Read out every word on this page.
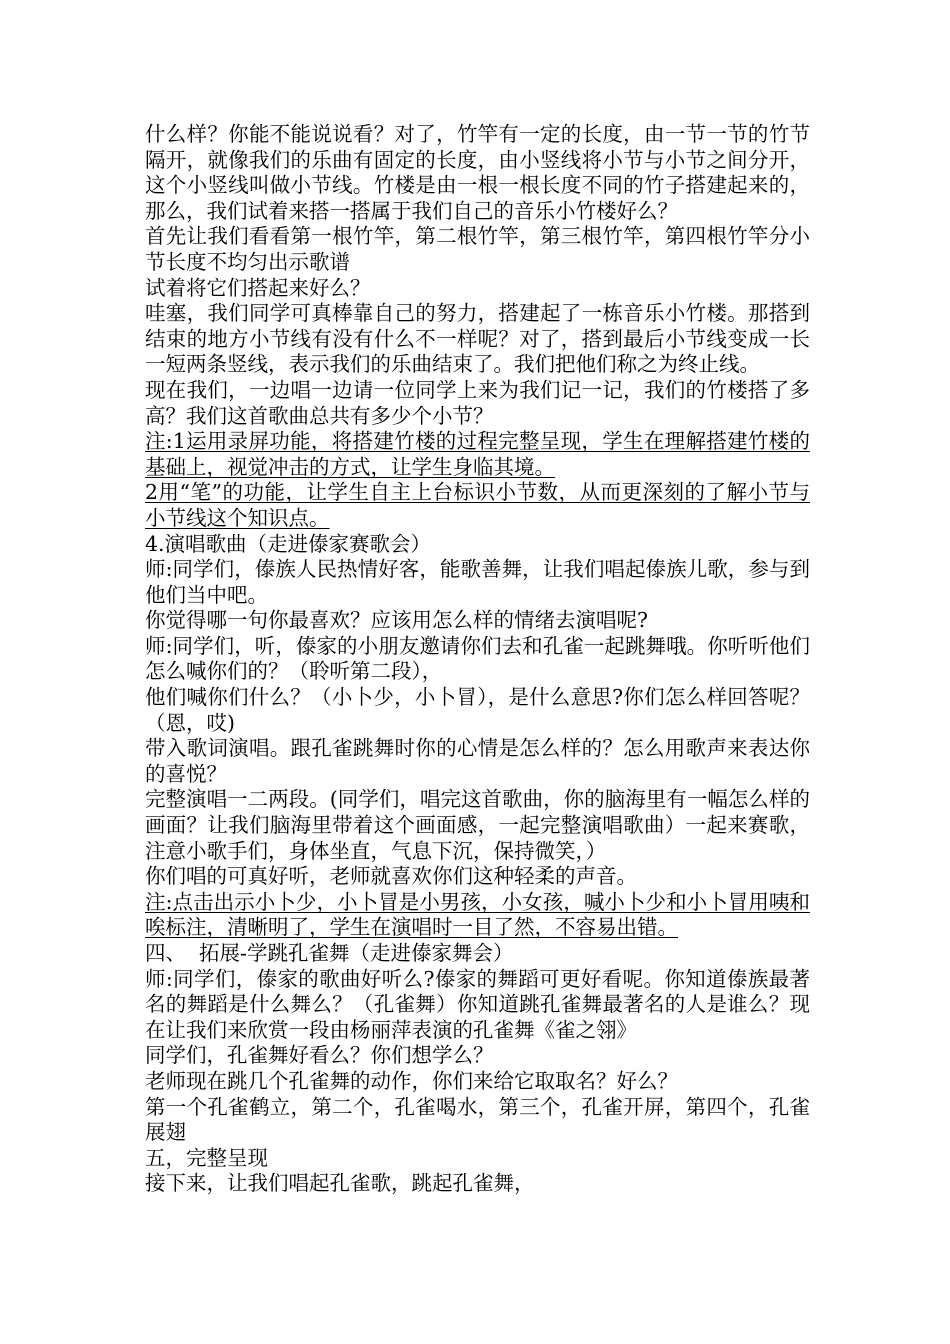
什么样？你能不能说说看？对了，竹竿有一定的长度，由一节一节的竹节隔开，就像我们的乐曲有固定的长度，由小竖线将小节与小节之间分开，这个小竖线叫做小节线。竹楼是由一根一根长度不同的竹子搭建起来的，那么，我们试着来搭一搭属于我们自己的音乐小竹楼好么？

首先让我们看看第一根竹竿，第二根竹竿，第三根竹竿，第四根竹竿分小节长度不均匀出示歌谱

试着将它们搭起来好么？

哇塞，我们同学可真棒靠自己的努力，搭建起了一栋音乐小竹楼。那搭到结束的地方小节线有没有什么不一样呢？对了，搭到最后小节线变成一长一短两条竖线，表示我们的乐曲结束了。我们把他们称之为终止线。

现在我们，一边唱一边请一位同学上来为我们记一记，我们的竹楼搭了多高？我们这首歌曲总共有多少个小节？

注:1运用录屏功能，将搭建竹楼的过程完整呈现，学生在理解搭建竹楼的基础上，视觉冲击的方式，让学生身临其境。

2用“笔”的功能，让学生自主上台标识小节数，从而更深刻的了解小节与小节线这个知识点。

4.演唱歌曲（走进傣家赛歌会）

师:同学们，傣族人民热情好客，能歌善舞，让我们唱起傣族儿歌，参与到他们当中吧。

你觉得哪一句你最喜欢？应该用怎么样的情绪去演唱呢?

师:同学们，听，傣家的小朋友邀请你们去和孔雀一起跳舞哦。你听听他们怎么喊你们的？（聆听第二段），

他们喊你们什么？（小卜少，小卜冒），是什么意思?你们怎么样回答呢？（恩，哎)

带入歌词演唱。跟孔雀跳舞时你的心情是怎么样的？怎么用歌声来表达你的喜悦？

完整演唱一二两段。(同学们，唱完这首歌曲，你的脑海里有一幅怎么样的画面？让我们脑海里带着这个画面感，一起完整演唱歌曲）一起来赛歌，注意小歌手们，身体坐直，气息下沉，保持微笑，）

你们唱的可真好听，老师就喜欢你们这种轻柔的声音。

注:点击出示小卜少，小卜冒是小男孩，小女孩，喊小卜少和小卜冒用咦和唉标注，清晰明了，学生在演唱时一目了然，不容易出错。

四、  拓展-学跳孔雀舞（走进傣家舞会）

师:同学们，傣家的歌曲好听么?傣家的舞蹈可更好看呢。你知道傣族最著名的舞蹈是什么舞么？（孔雀舞）你知道跳孔雀舞最著名的人是谁么？现在让我们来欣赏一段由杨丽萍表演的孔雀舞《雀之翎》

同学们，孔雀舞好看么？你们想学么？

老师现在跳几个孔雀舞的动作，你们来给它取取名？好么？

第一个孔雀鹤立，第二个，孔雀喝水，第三个，孔雀开屏，第四个，孔雀展翅

五，完整呈现

接下来，让我们唱起孔雀歌，跳起孔雀舞，
